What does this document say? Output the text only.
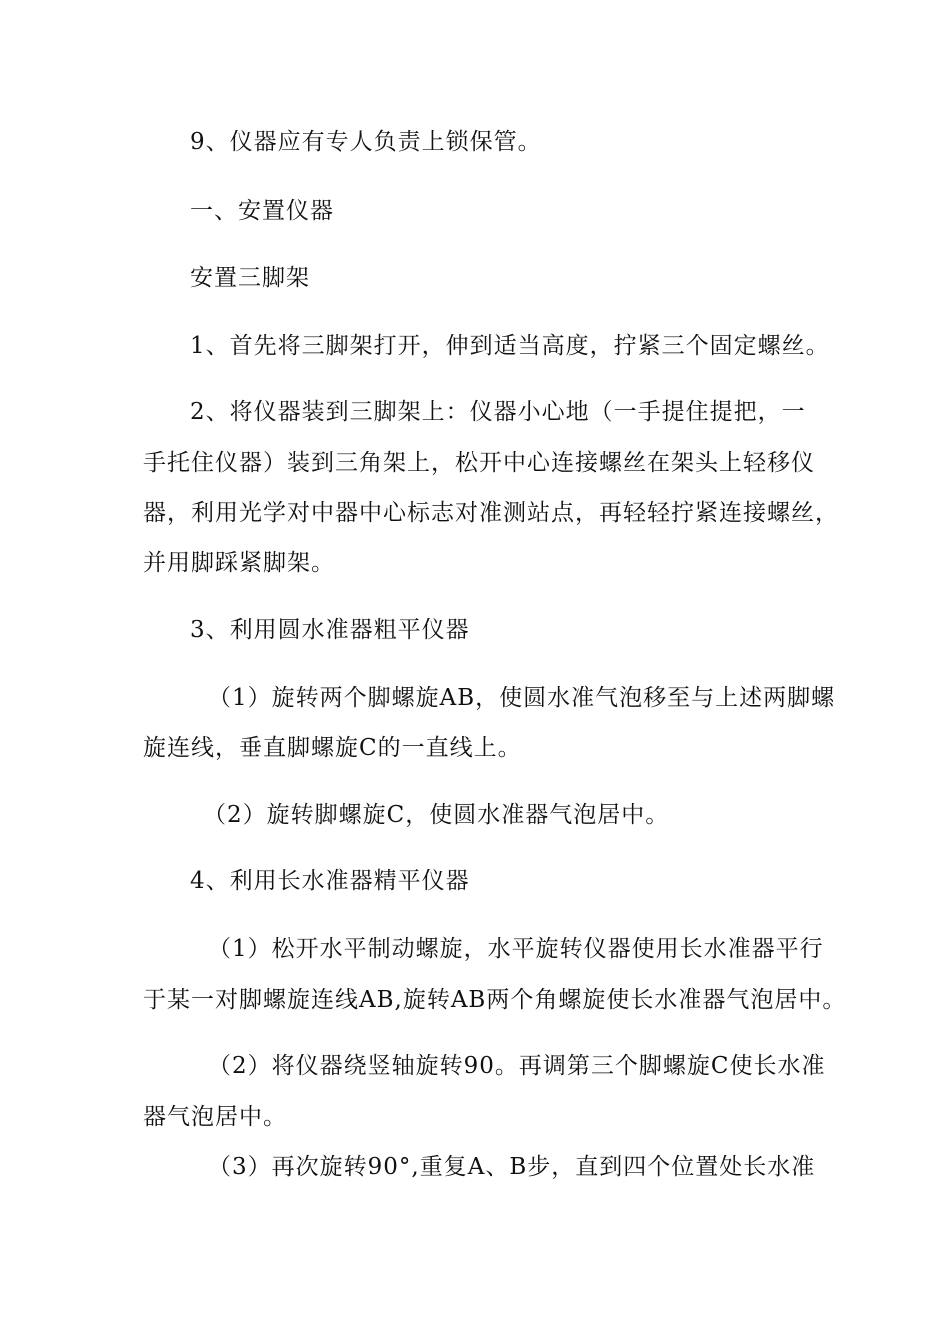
9、仪器应有专人负责上锁保管。
一、安置仪器
安置三脚架
1、首先将三脚架打开，伸到适当高度，拧紧三个固定螺丝。
2、将仪器装到三脚架上：仪器小心地（一手提住提把，一
手托住仪器）装到三角架上，松开中心连接螺丝在架头上轻移仪
器，利用光学对中器中心标志对准测站点，再轻轻拧紧连接螺丝，
并用脚踩紧脚架。
3、利用圆水准器粗平仪器
（1）旋转两个脚螺旋AB，使圆水准气泡移至与上述两脚螺
旋连线，垂直脚螺旋C的一直线上。
（2）旋转脚螺旋C，使圆水准器气泡居中。
4、利用长水准器精平仪器
（1）松开水平制动螺旋，水平旋转仪器使用长水准器平行
于某一对脚螺旋连线AB,旋转AB两个角螺旋使长水准器气泡居中。
（2）将仪器绕竖轴旋转90。再调第三个脚螺旋C使长水准
器气泡居中。
（3）再次旋转90°,重复A、B步，直到四个位置处长水准
